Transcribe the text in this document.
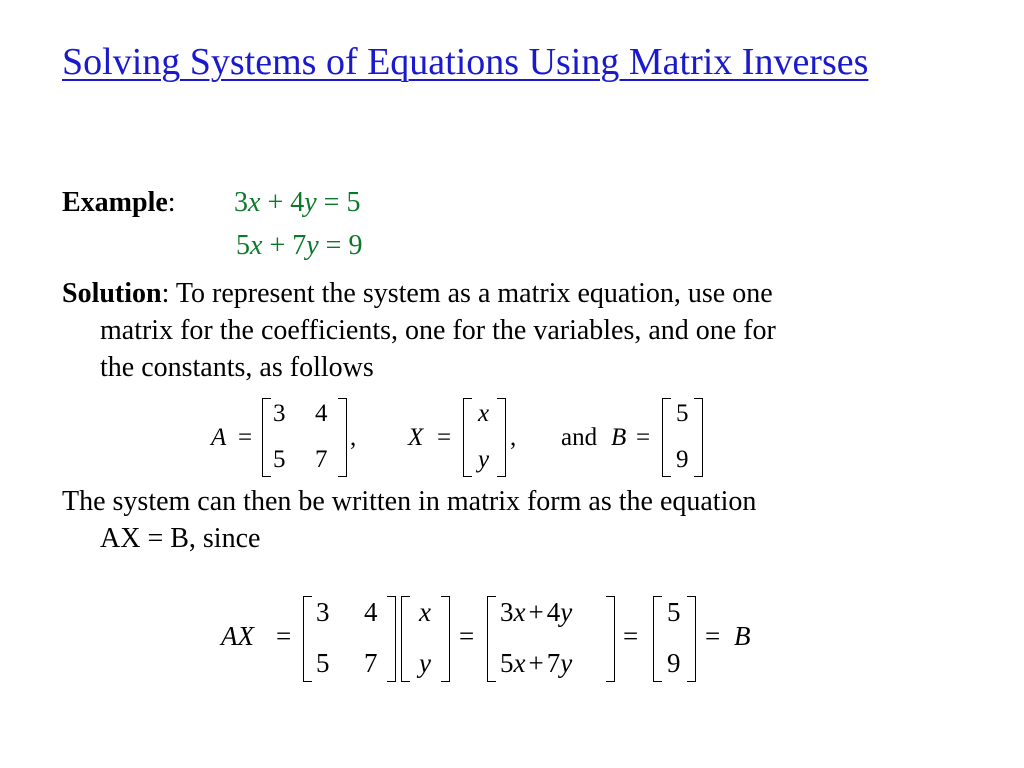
Solving Systems of Equations Using Matrix Inverses
Example: 3x + 4y = 5
5x + 7y = 9
Solution: To represent the system as a matrix equation, use one
matrix for the coefficients, one for the variables, and one for
the constants, as follows
A =
3 4
5 7
, X =
x
y
, and B =
5
9
The system can then be written in matrix form as the equation
AX = B, since
AX =
3 4
5 7
x
y
=
3x + 4y
5x + 7y
=
5
9
= B
